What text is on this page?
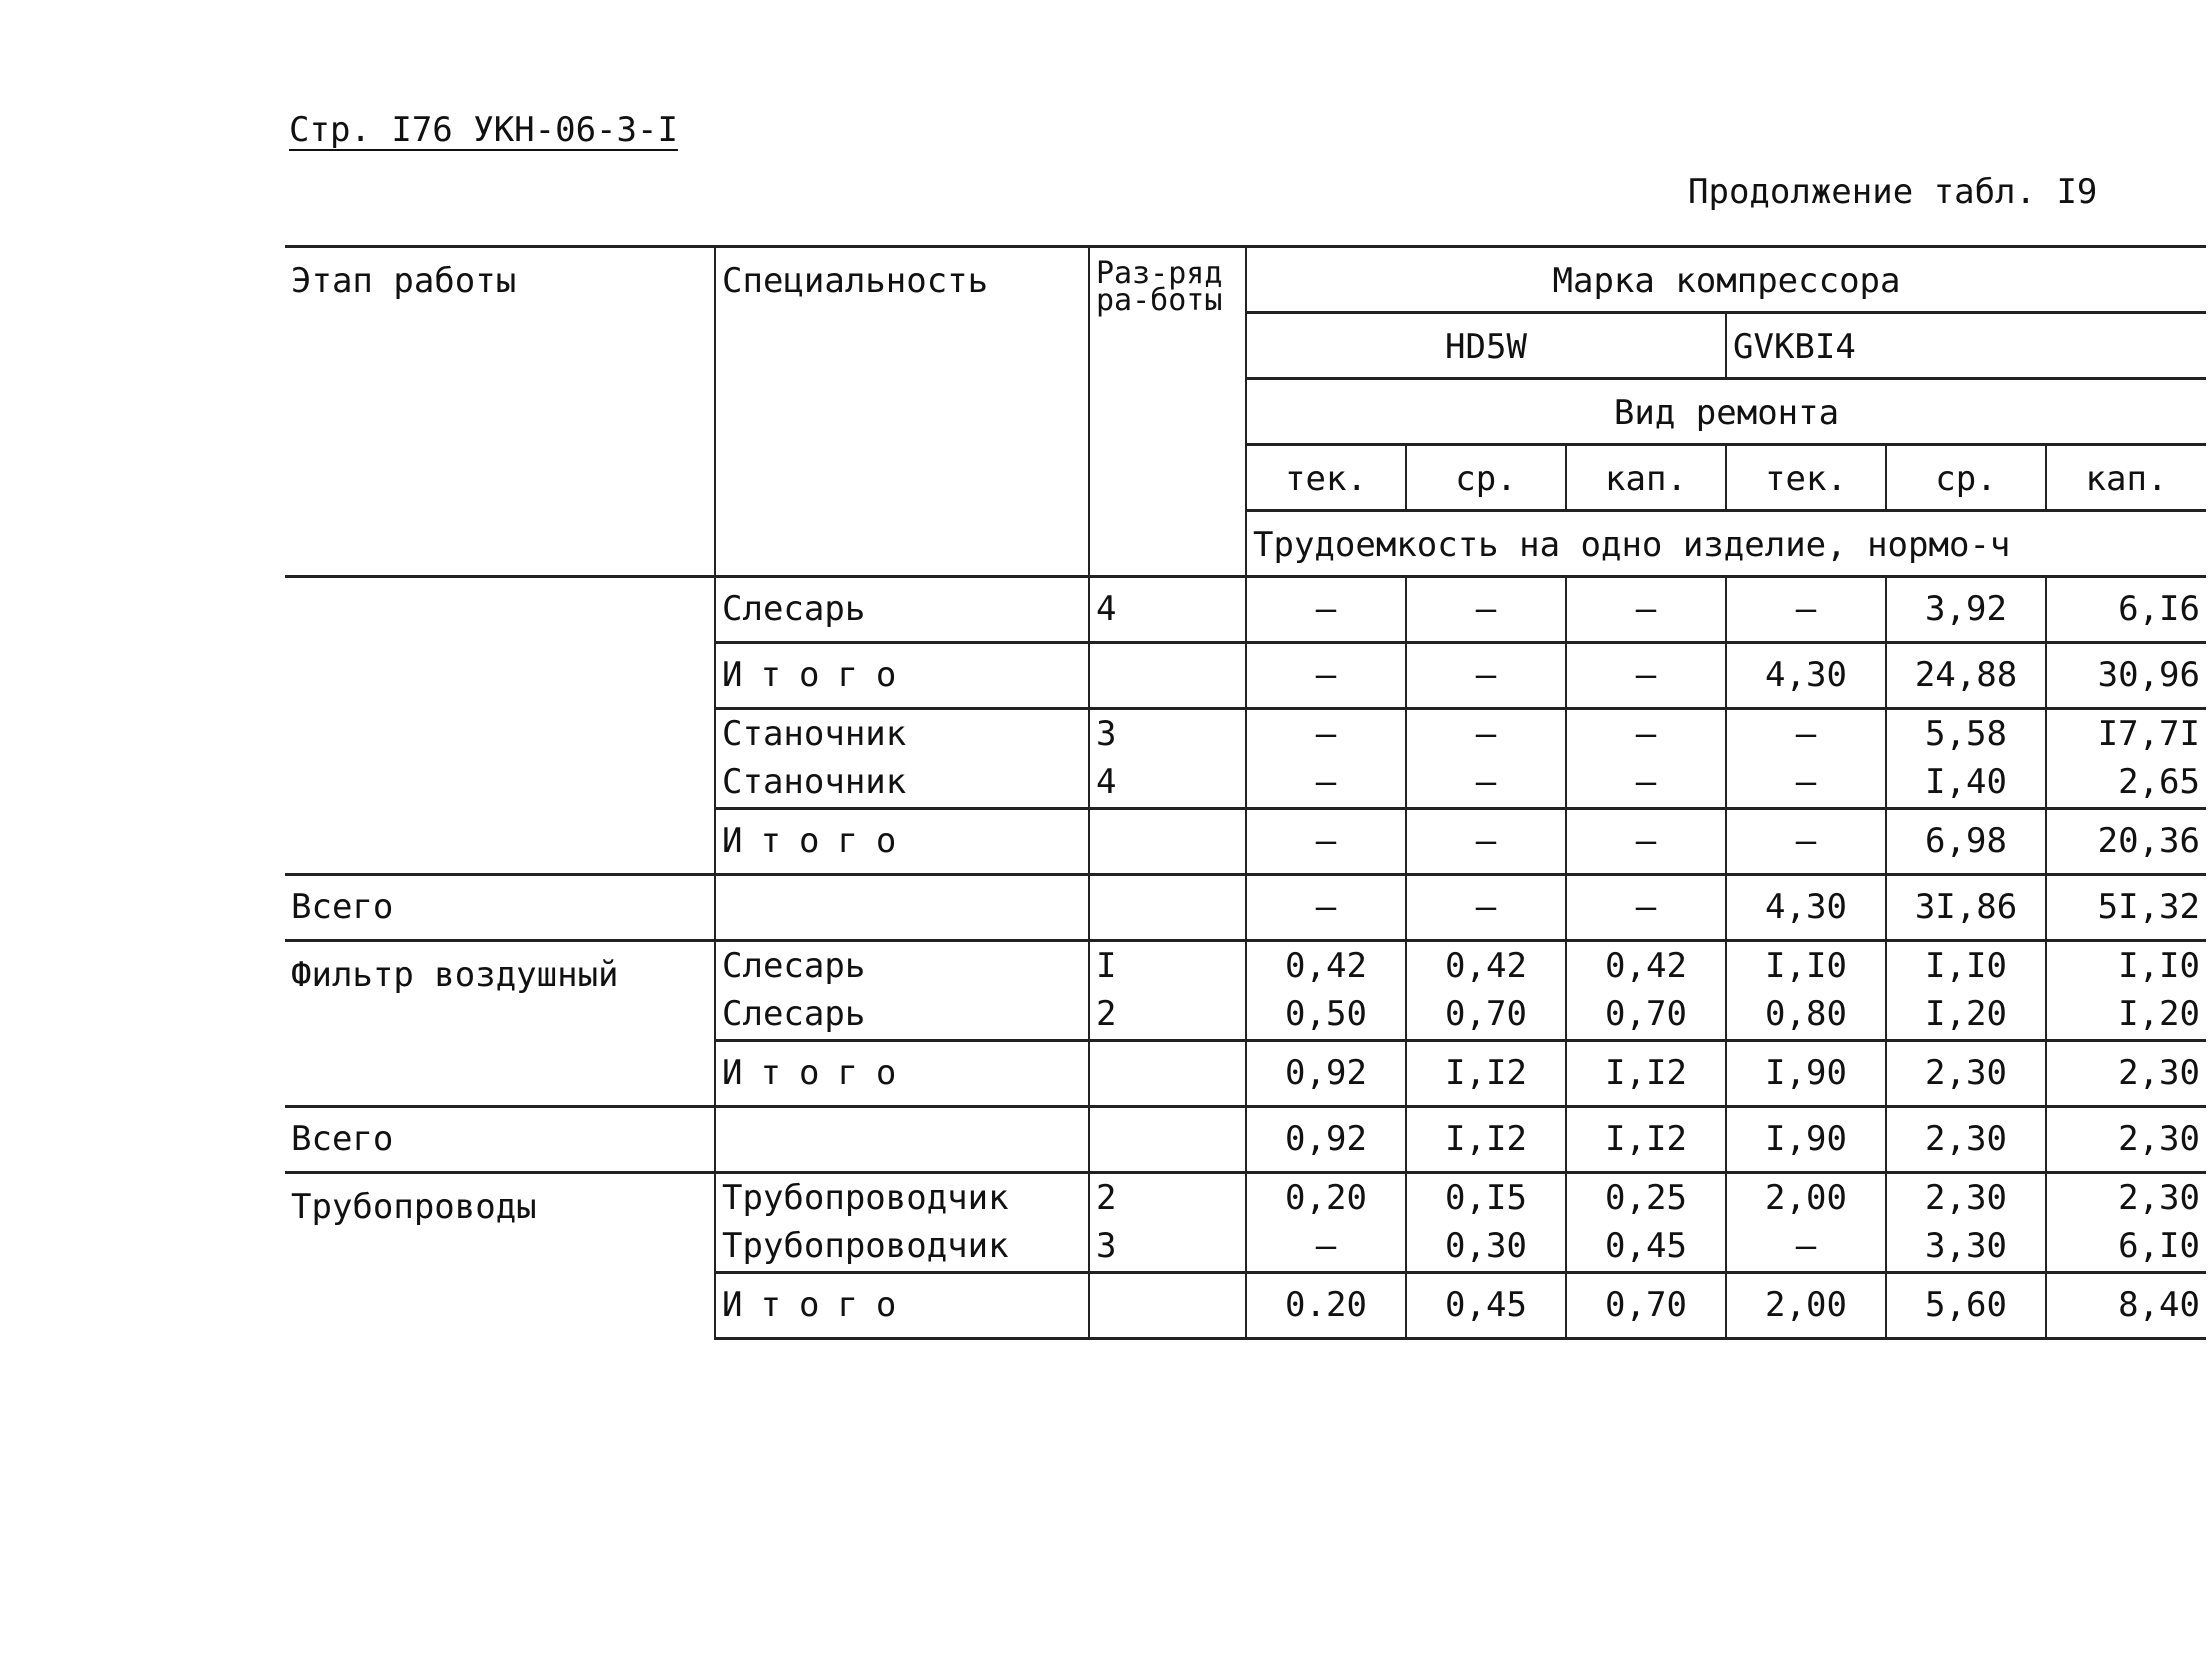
Стр. I76 УКН-06-3-I
Продолжение табл. I9
Этап работы	Специальность	Раз-ряд ра-боты	Марка компрессора					
			HD5W			GVKBI4		
			Вид ремонта					
			тек.	ср.	кап.	тек.	ср.	кап.
			Трудоемкость на одно изделие, нормо-ч					
	Слесарь	4	–	–	–	–	3,92	6,I6
	Итого		–	–	–	4,30	24,88	30,96
	Станочник	3	–	–	–	–	5,58	I7,7I
	Станочник	4	–	–	–	–	I,40	2,65
	Итого		–	–	–	–	6,98	20,36
Всего			–	–	–	4,30	3I,86	5I,32
Фильтр воздушный	Слесарь	I	0,42	0,42	0,42	I,I0	I,I0	I,I0
	Слесарь	2	0,50	0,70	0,70	0,80	I,20	I,20
	Итого		0,92	I,I2	I,I2	I,90	2,30	2,30
Всего			0,92	I,I2	I,I2	I,90	2,30	2,30
Трубопроводы	Трубопроводчик	2	0,20	0,I5	0,25	2,00	2,30	2,30
	Трубопроводчик	3	–	0,30	0,45	–	3,30	6,I0
	Итого		0.20	0,45	0,70	2,00	5,60	8,40
